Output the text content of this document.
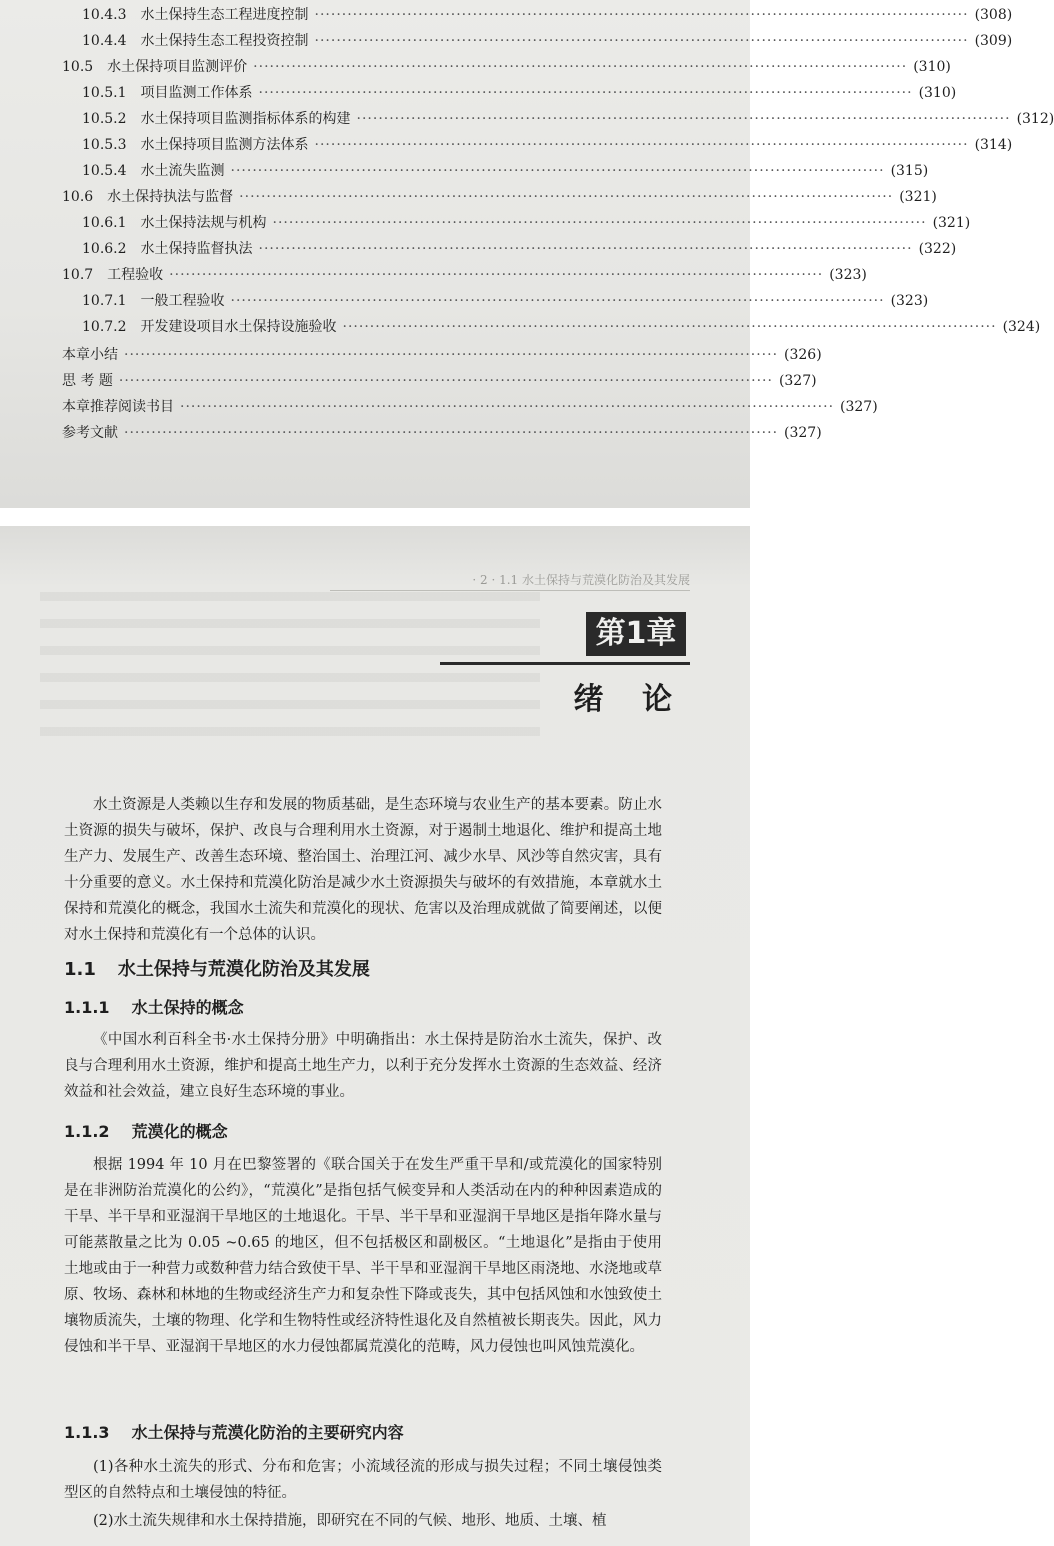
10.4.3 水土保持生态工程进度控制 ························································································································ (308)
10.4.4 水土保持生态工程投资控制 ························································································································ (309)
10.5 水土保持项目监测评价 ························································································································ (310)
10.5.1 项目监测工作体系 ························································································································ (310)
10.5.2 水土保持项目监测指标体系的构建 ························································································································ (312)
10.5.3 水土保持项目监测方法体系 ························································································································ (314)
10.5.4 水土流失监测 ························································································································ (315)
10.6 水土保持执法与监督 ························································································································ (321)
10.6.1 水土保持法规与机构 ························································································································ (321)
10.6.2 水土保持监督执法 ························································································································ (322)
10.7 工程验收 ························································································································ (323)
10.7.1 一般工程验收 ························································································································ (323)
10.7.2 开发建设项目水土保持设施验收 ························································································································ (324)
本章小结 ························································································································ (326)
思 考 题 ························································································································ (327)
本章推荐阅读书目 ························································································································ (327)
参考文献 ························································································································ (327)
· 2 · 1.1 水土保持与荒漠化防治及其发展
第1章
绪 论
水土资源是人类赖以生存和发展的物质基础，是生态环境与农业生产的基本要素。防止水土资源的损失与破坏，保护、改良与合理利用水土资源，对于遏制土地退化、维护和提高土地生产力、发展生产、改善生态环境、整治国土、治理江河、减少水旱、风沙等自然灾害，具有十分重要的意义。水土保持和荒漠化防治是减少水土资源损失与破坏的有效措施，本章就水土保持和荒漠化的概念，我国水土流失和荒漠化的现状、危害以及治理成就做了简要阐述，以便对水土保持和荒漠化有一个总体的认识。
1.1 水土保持与荒漠化防治及其发展
1.1.1 水土保持的概念
《中国水利百科全书·水土保持分册》中明确指出：水土保持是防治水土流失，保护、改良与合理利用水土资源，维护和提高土地生产力，以利于充分发挥水土资源的生态效益、经济效益和社会效益，建立良好生态环境的事业。
1.1.2 荒漠化的概念
根据 1994 年 10 月在巴黎签署的《联合国关于在发生严重干旱和/或荒漠化的国家特别是在非洲防治荒漠化的公约》，“荒漠化”是指包括气候变异和人类活动在内的种种因素造成的干旱、半干旱和亚湿润干旱地区的土地退化。干旱、半干旱和亚湿润干旱地区是指年降水量与可能蒸散量之比为 0.05 ~0.65 的地区，但不包括极区和副极区。“土地退化”是指由于使用土地或由于一种营力或数种营力结合致使干旱、半干旱和亚湿润干旱地区雨浇地、水浇地或草原、牧场、森林和林地的生物或经济生产力和复杂性下降或丧失，其中包括风蚀和水蚀致使土壤物质流失，土壤的物理、化学和生物特性或经济特性退化及自然植被长期丧失。因此，风力侵蚀和半干旱、亚湿润干旱地区的水力侵蚀都属荒漠化的范畴，风力侵蚀也叫风蚀荒漠化。
1.1.3 水土保持与荒漠化防治的主要研究内容
(1)各种水土流失的形式、分布和危害；小流域径流的形成与损失过程；不同土壤侵蚀类型区的自然特点和土壤侵蚀的特征。
(2)水土流失规律和水土保持措施，即研究在不同的气候、地形、地质、土壤、植
